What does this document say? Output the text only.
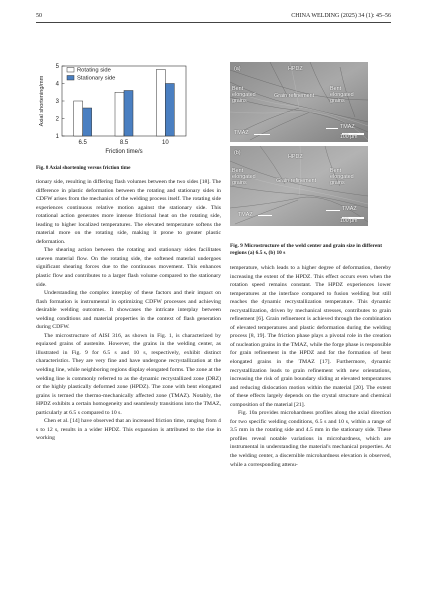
50	CHINA WELDING (2025) 34 (1): 45–56
1
2
3
4
5
6.5	8.5	10
Friction time/s
Axial shortening/mm
Rotating side
Stationary side
Fig. 8 Axial shortening versus friction time
(a)	HPDZ
Bent elongated grains
Grain refinement
Bent elongated grains
TMAZ
TMAZ
100 μm
(b)
HPDZ
Bent elongated grains	Grain refinement
Bent elongated grains
TMAZ
TMAZ
100 μm
Fig. 9 Microstructure of the weld center and grain size in different regions (a) 6.5 s, (b) 10 s

tionary side, resulting in differing flash volumes between the two sides [18]. The difference in plastic deformation between the rotating and stationary sides in CDFW arises from the mechanics of the welding process itself. The rotating side experiences continuous relative motion against the stationary side. This rotational action generates more intense frictional heat on the rotating side, leading to higher localized temperatures. The elevated temperature softens the material more on the rotating side, making it prone to greater plastic deformation.

The shearing action between the rotating and stationary sides facilitates uneven material flow. On the rotating side, the softened material undergoes significant shearing forces due to the continuous movement. This enhances plastic flow and contributes to a larger flash volume compared to the stationary side.

Understanding the complex interplay of these factors and their impact on flash formation is instrumental in optimizing CDFW processes and achieving desirable welding outcomes. It showcases the intricate interplay between welding conditions and material properties in the context of flash generation during CDFW.

The microstructure of AISI 316, as shown in Fig. 1, is characterized by equiaxed grains of austenite. However, the grains in the welding center, as illustrated in Fig. 9 for 6.5 s and 10 s, respectively, exhibit distinct characteristics. They are very fine and have undergone recrystallization at the welding line, while neighboring regions display elongated forms. The zone at the welding line is commonly referred to as the dynamic recrystallized zone (DRZ) or the highly plastically deformed zone (HPDZ). The zone with bent elongated grains is termed the thermo-mechanically affected zone (TMAZ). Notably, the HPDZ exhibits a certain homogeneity and seamlessly transitions into the TMAZ, particularly at 6.5 s compared to 10 s.

Chen et al. [14] have observed that an increased friction time, ranging from 4 s to 12 s, results in a wider HPDZ. This expansion is attributed to the rise in working

temperature, which leads to a higher degree of deformation, thereby increasing the extent of the HPDZ. This effect occurs even when the rotation speed remains constant. The HPDZ experiences lower temperatures at the interface compared to fusion welding but still reaches the dynamic recrystallization temperature. This dynamic recrystallization, driven by mechanical stresses, contributes to grain refinement [6]. Grain refinement is achieved through the combination of elevated temperatures and plastic deformation during the welding process [8, 19]. The friction phase plays a pivotal role in the creation of nucleation grains in the TMAZ, while the forge phase is responsible for grain refinement in the HPDZ and for the formation of bent elongated grains in the TMAZ [17]. Furthermore, dynamic recrystallization leads to grain refinement with new orientations, increasing the risk of grain boundary sliding at elevated temperatures and reducing dislocation motion within the material [20]. The extent of these effects largely depends on the crystal structure and chemical composition of the material [21].

Fig. 10a provides microhardness profiles along the axial direction for two specific welding conditions, 6.5 s and 10 s, within a range of 3.5 mm in the rotating side and 4.5 mm in the stationary side. These profiles reveal notable variations in microhardness, which are instrumental in understanding the material's mechanical properties. At the welding center, a discernible microhardness elevation is observed, while a corresponding attenu-
